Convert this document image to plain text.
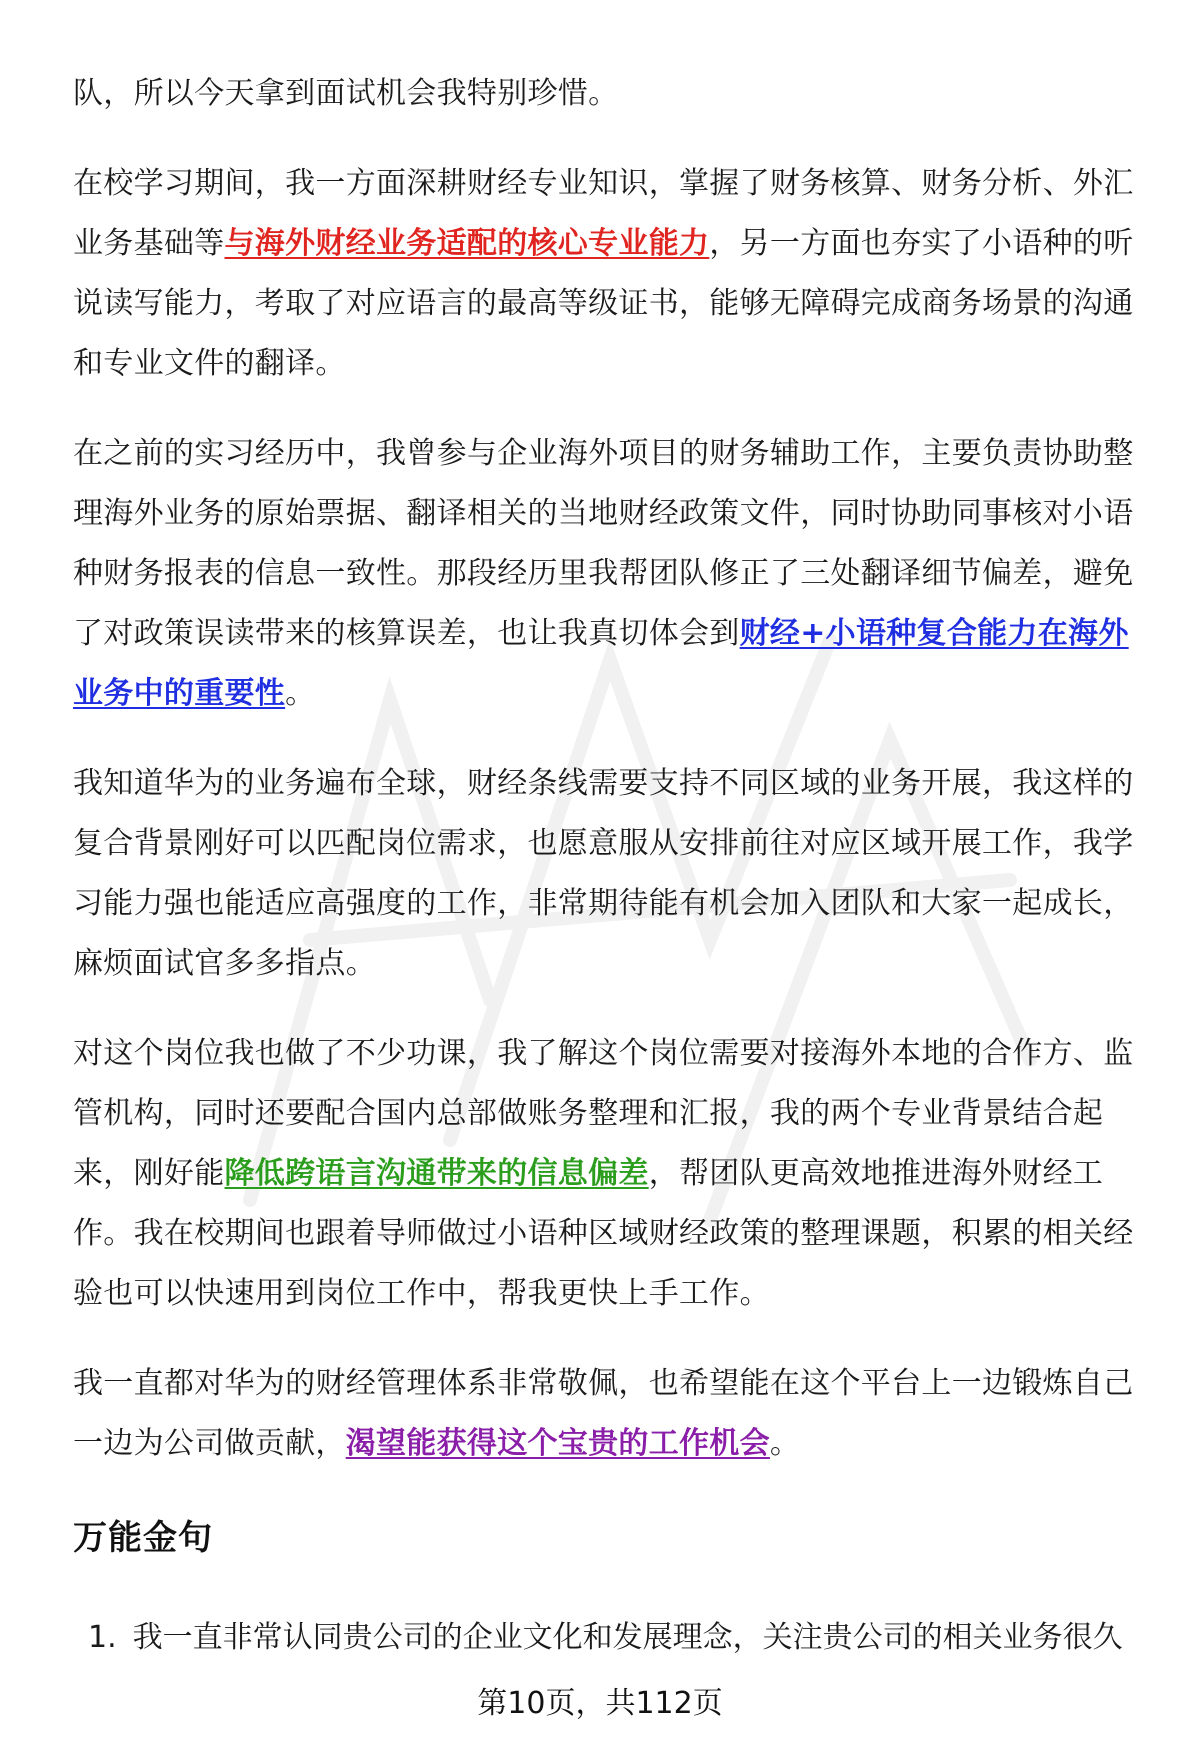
队，所以今天拿到面试机会我特别珍惜。

在校学习期间，我一方面深耕财经专业知识，掌握了财务核算、财务分析、外汇业务基础等与海外财经业务适配的核心专业能力，另一方面也夯实了小语种的听说读写能力，考取了对应语言的最高等级证书，能够无障碍完成商务场景的沟通和专业文件的翻译。

在之前的实习经历中，我曾参与企业海外项目的财务辅助工作，主要负责协助整理海外业务的原始票据、翻译相关的当地财经政策文件，同时协助同事核对小语种财务报表的信息一致性。那段经历里我帮团队修正了三处翻译细节偏差，避免了对政策误读带来的核算误差，也让我真切体会到财经+小语种复合能力在海外业务中的重要性。

我知道华为的业务遍布全球，财经条线需要支持不同区域的业务开展，我这样的复合背景刚好可以匹配岗位需求，也愿意服从安排前往对应区域开展工作，我学习能力强也能适应高强度的工作，非常期待能有机会加入团队和大家一起成长，麻烦面试官多多指点。

对这个岗位我也做了不少功课，我了解这个岗位需要对接海外本地的合作方、监管机构，同时还要配合国内总部做账务整理和汇报，我的两个专业背景结合起来，刚好能降低跨语言沟通带来的信息偏差，帮团队更高效地推进海外财经工作。我在校期间也跟着导师做过小语种区域财经政策的整理课题，积累的相关经验也可以快速用到岗位工作中，帮我更快上手工作。

我一直都对华为的财经管理体系非常敬佩，也希望能在这个平台上一边锻炼自己一边为公司做贡献，渴望能获得这个宝贵的工作机会。

万能金句
1. 我一直非常认同贵公司的企业文化和发展理念，关注贵公司的相关业务很久
第10页，共112页
